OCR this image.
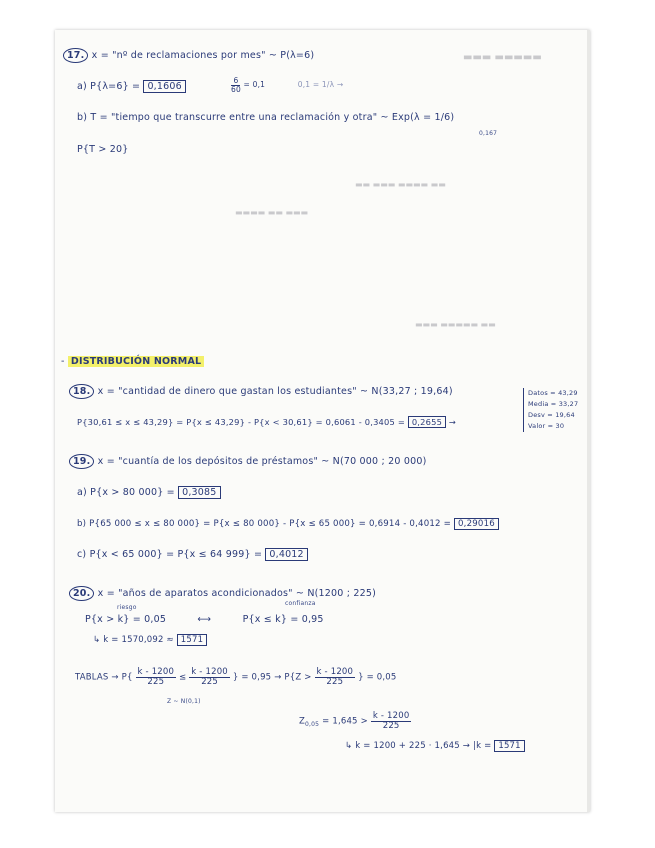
▬▬▬ ▬▬▬▬▬
▬▬ ▬▬▬ ▬▬▬▬ ▬▬
▬▬▬▬ ▬▬ ▬▬▬
▬▬▬ ▬▬▬▬▬ ▬▬
17. x = "nº de reclamaciones por mes" ~ P(λ=6)
a) P{λ=6} = 0,1606	$\frac{6}{60} = 0,1$	0,1 = 1/λ →
b) T = "tiempo que transcurre entre una reclamación y otra" ~ Exp(λ = 1/6)
0,167
P{T > 20}
- DISTRIBUCIÓN NORMAL
18. x = "cantidad de dinero que gastan los estudiantes" ~ N(33,27 ; 19,64)
P{30,61 ≤ x ≤ 43,29} = P{x ≤ 43,29} - P{x < 30,61} = 0,6061 - 0,3405 = 0,2655 →
Datos = 43,29
Media = 33,27
Desv = 19,64
Valor = 30
19. x = "cuantía de los depósitos de préstamos" ~ N(70 000 ; 20 000)
a) P{x > 80 000} = 0,3085
b) P{65 000 ≤ x ≤ 80 000} = P{x ≤ 80 000} - P{x ≤ 65 000} = 0,6914 - 0,4012 = 0,29016
c) P{x < 65 000} = P{x ≤ 64 999} = 0,4012
20. x = "años de aparatos acondicionados" ~ N(1200 ; 225)
riesgo
confianza
P{x > k} = 0,05	⟷	P{x ≤ k} = 0,95
↳ k = 1570,092 ≈ 1571
TABLAS → $P\{ \frac{k - 1200}{225} \le \frac{k - 1200}{225}$ } = $0,95 \to P\{Z > \frac{k - 1200}{225}$ } = 0,05
Z ~ N(0,1)
$Z_{0,05} = 1,645 > \frac{k - 1200}{225}$
↳ k = 1200 + 225 · 1,645 → |k = 1571
